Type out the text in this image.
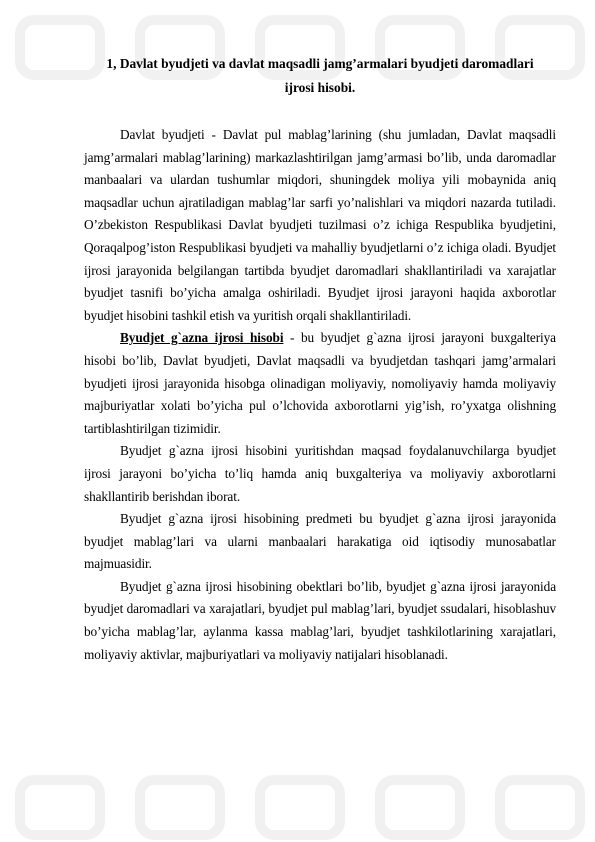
1, Davlat byudjeti va davlat maqsadli jamg’armalari byudjeti daromadlari
ijrosi hisobi.

Davlat byudjeti - Davlat pul mablag’larining (shu jumladan, Davlat maqsadli jamg’armalari mablag’larining) markazlashtirilgan jamg’armasi bo’lib, unda daromadlar manbaalari va ulardan tushumlar miqdori, shuningdek moliya yili mobaynida aniq maqsadlar uchun ajratiladigan mablag’lar sarfi yo’nalishlari va miqdori nazarda tutiladi. O’zbekiston Respublikasi Davlat byudjeti tuzilmasi o’z ichiga Respublika byudjetini, Qoraqalpog’iston Respublikasi byudjeti va mahalliy byudjetlarni o’z ichiga oladi. Byudjet ijrosi jarayonida belgilangan tartibda byudjet daromadlari shakllantiriladi va xarajatlar byudjet tasnifi bo’yicha amalga oshiriladi. Byudjet ijrosi jarayoni haqida axborotlar byudjet hisobini tashkil etish va yuritish orqali shakllantiriladi.

Byudjet g`azna ijrosi hisobi - bu byudjet g`azna ijrosi jarayoni buxgalteriya hisobi bo’lib, Davlat byudjeti, Davlat maqsadli va byudjetdan tashqari jamg’armalari byudjeti ijrosi jarayonida hisobga olinadigan moliyaviy, nomoliyaviy hamda moliyaviy majburiyatlar xolati bo’yicha pul o’lchovida axborotlarni yig’ish, ro’yxatga olishning tartiblashtirilgan tizimidir.

Byudjet g`azna ijrosi hisobini yuritishdan maqsad foydalanuvchilarga byudjet ijrosi jarayoni bo’yicha to’liq hamda aniq buxgalteriya va moliyaviy axborotlarni shakllantirib berishdan iborat.

Byudjet g`azna ijrosi hisobining predmeti bu byudjet g`azna ijrosi jarayonida byudjet mablag’lari va ularni manbaalari harakatiga oid iqtisodiy munosabatlar majmuasidir.

Byudjet g`azna ijrosi hisobining obektlari bo’lib, byudjet g`azna ijrosi jarayonida byudjet daromadlari va xarajatlari, byudjet pul mablag’lari, byudjet ssudalari, hisoblashuv bo’yicha mablag’lar, aylanma kassa mablag’lari, byudjet tashkilotlarining xarajatlari, moliyaviy aktivlar, majburiyatlari va moliyaviy natijalari hisoblanadi.
